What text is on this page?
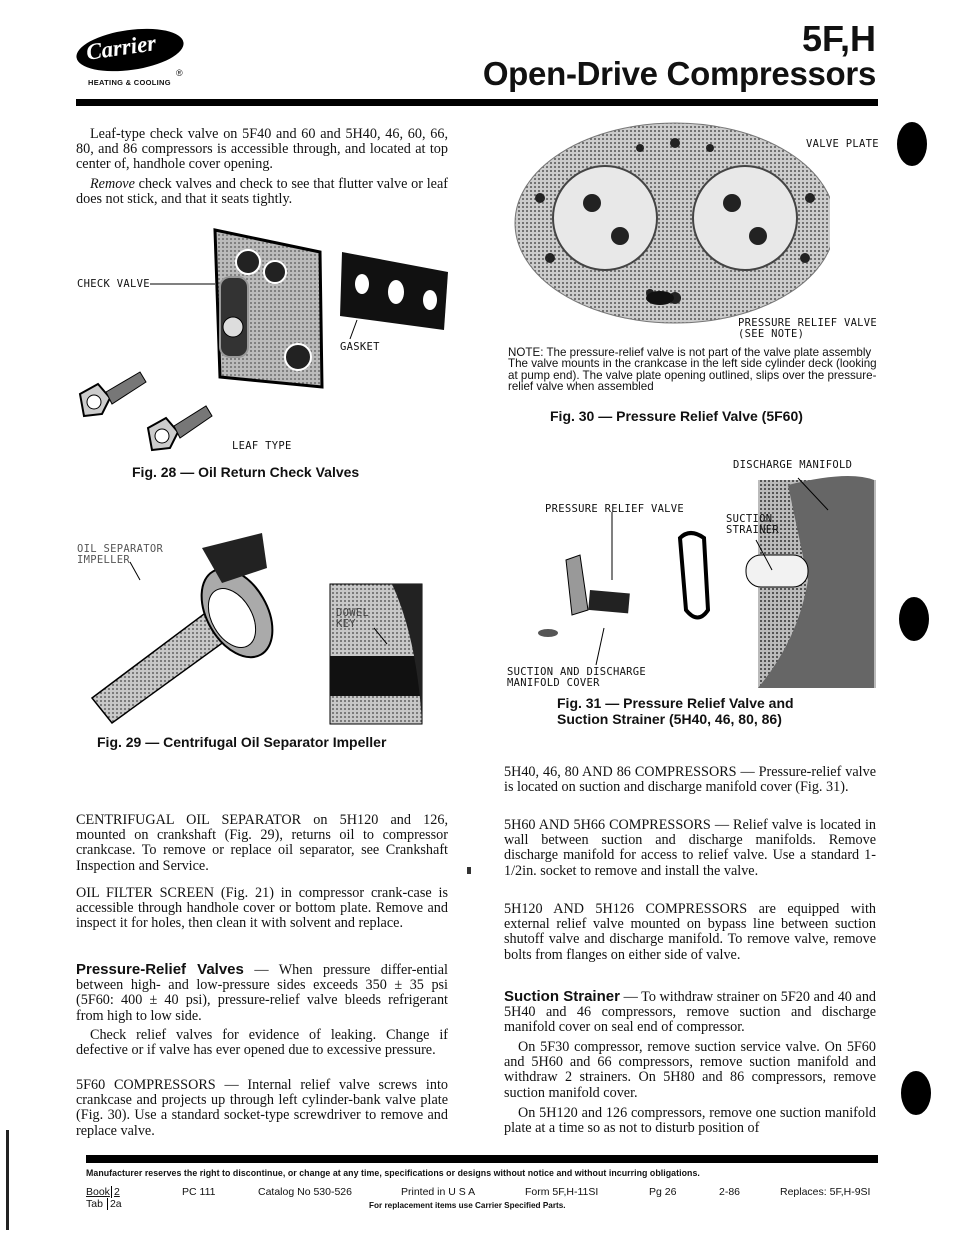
Carrier
®
HEATING & COOLING
5F,H
Open-Drive Compressors
Leaf-type check valve on 5F40 and 60 and 5H40, 46, 60, 66, 80, and 86 compressors is accessible through, and located at top center of, handhole cover opening.
Remove check valves and check to see that flutter valve or leaf does not stick, and that it seats tightly.
CHECK VALVE
GASKET
LEAF TYPE
Fig. 28 — Oil Return Check Valves
OIL SEPARATOR
IMPELLER
DOWEL
KEY
Fig. 29 — Centrifugal Oil Separator Impeller
CENTRIFUGAL OIL SEPARATOR on 5H120 and 126, mounted on crankshaft (Fig. 29), returns oil to compressor crankcase. To remove or replace oil separator, see Crankshaft Inspection and Service.
OIL FILTER SCREEN (Fig. 21) in compressor crank-case is accessible through handhole cover or bottom plate. Remove and inspect it for holes, then clean it with solvent and replace.
Pressure-Relief Valves — When pressure differ-ential between high- and low-pressure sides exceeds 350 ± 35 psi (5F60: 400 ± 40 psi), pressure-relief valve bleeds refrigerant from high to low side.
Check relief valves for evidence of leaking. Change if defective or if valve has ever opened due to excessive pressure.
5F60 COMPRESSORS — Internal relief valve screws into crankcase and projects up through left cylinder-bank valve plate (Fig. 30). Use a standard socket-type screwdriver to remove and replace valve.
VALVE PLATE
PRESSURE RELIEF VALVE
(SEE NOTE)
NOTE: The pressure-relief valve is not part of the valve plate assembly The valve mounts in the crankcase in the left side cylinder deck (looking at pump end). The valve plate opening outlined, slips over the pressure-relief valve when assembled
Fig. 30 — Pressure Relief Valve (5F60)
DISCHARGE MANIFOLD
PRESSURE RELIEF VALVE
SUCTION
STRAINER
SUCTION AND DISCHARGE
MANIFOLD COVER
Fig. 31 — Pressure Relief Valve and
Suction Strainer (5H40, 46, 80, 86)
5H40, 46, 80 AND 86 COMPRESSORS — Pressure-relief valve is located on suction and discharge manifold cover (Fig. 31).
5H60 AND 5H66 COMPRESSORS — Relief valve is located in wall between suction and discharge manifolds. Remove discharge manifold for access to relief valve. Use a standard 1-1/2in. socket to remove and install the valve.
5H120 AND 5H126 COMPRESSORS are equipped with external relief valve mounted on bypass line between suction shutoff valve and discharge manifold. To remove valve, remove bolts from flanges on either side of valve.
Suction Strainer — To withdraw strainer on 5F20 and 40 and 5H40 and 46 compressors, remove suction and discharge manifold cover on seal end of compressor.
On 5F30 compressor, remove suction service valve. On 5F60 and 5H60 and 66 compressors, remove suction manifold and withdraw 2 strainers. On 5H80 and 86 compressors, remove suction manifold cover.
On 5H120 and 126 compressors, remove one suction manifold plate at a time so as not to disturb position of
Manufacturer reserves the right to discontinue, or change at any time, specifications or designs without notice and without incurring obligations.
Book 2
Tab 2a
PC 111	Catalog No 530-526	Printed in U S A	Form 5F,H-11SI	Pg 26	2-86	Replaces: 5F,H-9SI
For replacement items use Carrier Specified Parts.
